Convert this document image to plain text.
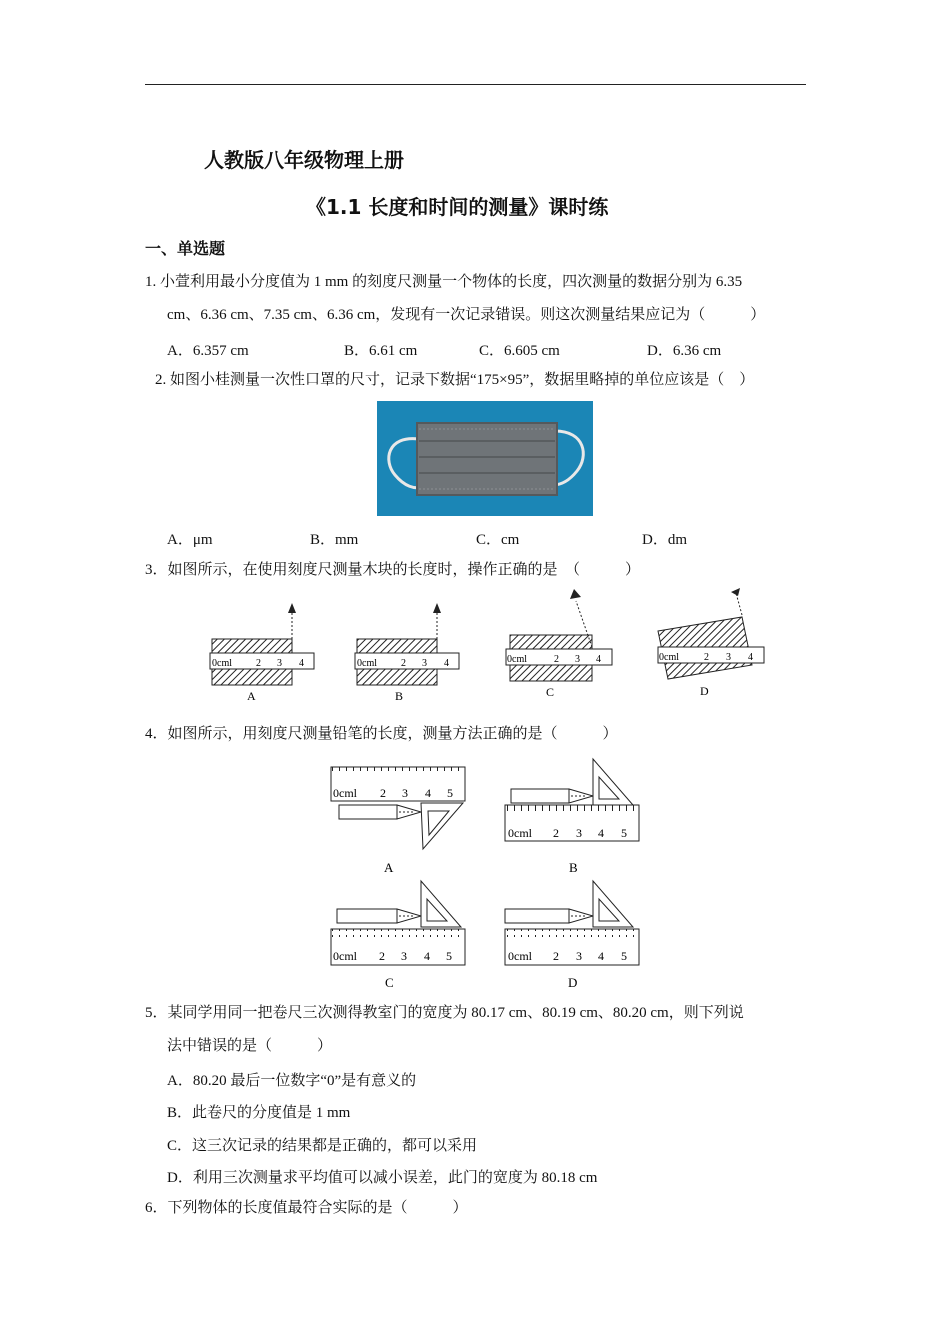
人教版八年级物理上册
《1.1 长度和时间的测量》课时练
一、单选题
1. 小萱利用最小分度值为 1 mm 的刻度尺测量一个物体的长度，四次测量的数据分别为 6.35
cm、6.36 cm、7.35 cm、6.36 cm，发现有一次记录错误。则这次测量结果应记为（　　　）
A．6.357 cm	B．6.61 cm	C．6.605 cm	D．6.36 cm
2. 如图小桂测量一次性口罩的尺寸，记录下数据“175×95”，数据里略掉的单位应该是（　）
A．μm	B．mm	C．cm	D．dm
3．如图所示，在使用刻度尺测量木块的长度时，操作正确的是　（　　　）
0cml 2 3 4
A
0cml 2 3 4
B
0cml	2 3 4
C
0cml	2 3 4
D
4．如图所示，用刻度尺测量铅笔的长度，测量方法正确的是（　　　）
0cml 2 3 4 5
A
0cml 2 3 4 5
B
0cml 2 3 4 5
C
0cml 2 3 4 5
D
5．某同学用同一把卷尺三次测得教室门的宽度为 80.17 cm、80.19 cm、80.20 cm，则下列说
法中错误的是（　　　）
A．80.20 最后一位数字“0”是有意义的
B．此卷尺的分度值是 1 mm
C．这三次记录的结果都是正确的，都可以采用
D．利用三次测量求平均值可以减小误差，此门的宽度为 80.18 cm
6．下列物体的长度值最符合实际的是（　　　）
